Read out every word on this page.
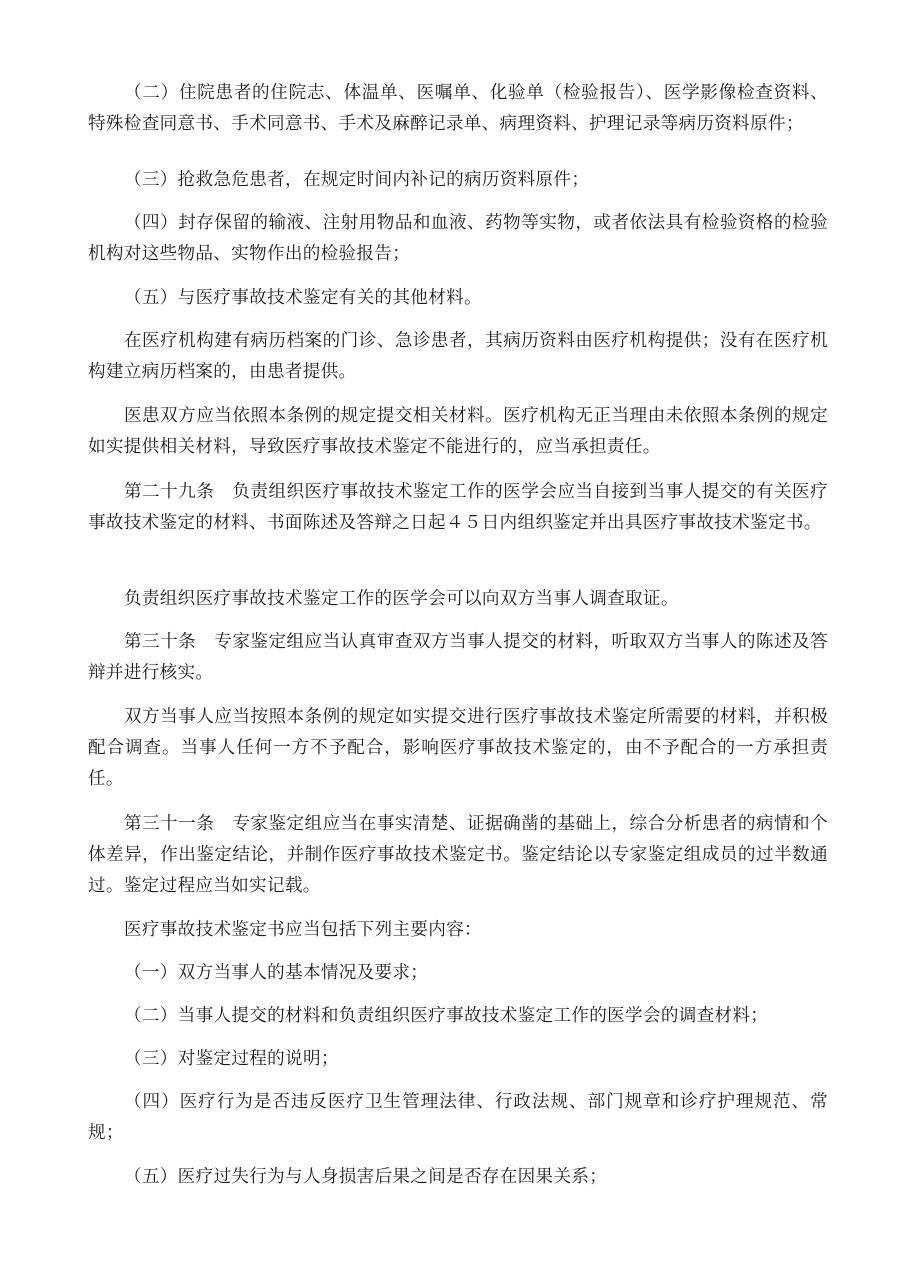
（二）住院患者的住院志、体温单、医嘱单、化验单（检验报告）、医学影像检查资料、特殊检查同意书、手术同意书、手术及麻醉记录单、病理资料、护理记录等病历资料原件；

（三）抢救急危患者，在规定时间内补记的病历资料原件；

（四）封存保留的输液、注射用物品和血液、药物等实物，或者依法具有检验资格的检验机构对这些物品、实物作出的检验报告；

（五）与医疗事故技术鉴定有关的其他材料。

在医疗机构建有病历档案的门诊、急诊患者，其病历资料由医疗机构提供；没有在医疗机构建立病历档案的，由患者提供。

医患双方应当依照本条例的规定提交相关材料。医疗机构无正当理由未依照本条例的规定如实提供相关材料，导致医疗事故技术鉴定不能进行的，应当承担责任。

第二十九条　负责组织医疗事故技术鉴定工作的医学会应当自接到当事人提交的有关医疗事故技术鉴定的材料、书面陈述及答辩之日起４５日内组织鉴定并出具医疗事故技术鉴定书。

负责组织医疗事故技术鉴定工作的医学会可以向双方当事人调查取证。

第三十条　专家鉴定组应当认真审查双方当事人提交的材料，听取双方当事人的陈述及答辩并进行核实。

双方当事人应当按照本条例的规定如实提交进行医疗事故技术鉴定所需要的材料，并积极配合调查。当事人任何一方不予配合，影响医疗事故技术鉴定的，由不予配合的一方承担责任。

第三十一条　专家鉴定组应当在事实清楚、证据确凿的基础上，综合分析患者的病情和个体差异，作出鉴定结论，并制作医疗事故技术鉴定书。鉴定结论以专家鉴定组成员的过半数通过。鉴定过程应当如实记载。

医疗事故技术鉴定书应当包括下列主要内容：

（一）双方当事人的基本情况及要求；

（二）当事人提交的材料和负责组织医疗事故技术鉴定工作的医学会的调查材料；

（三）对鉴定过程的说明；

（四）医疗行为是否违反医疗卫生管理法律、行政法规、部门规章和诊疗护理规范、常规；

（五）医疗过失行为与人身损害后果之间是否存在因果关系；
